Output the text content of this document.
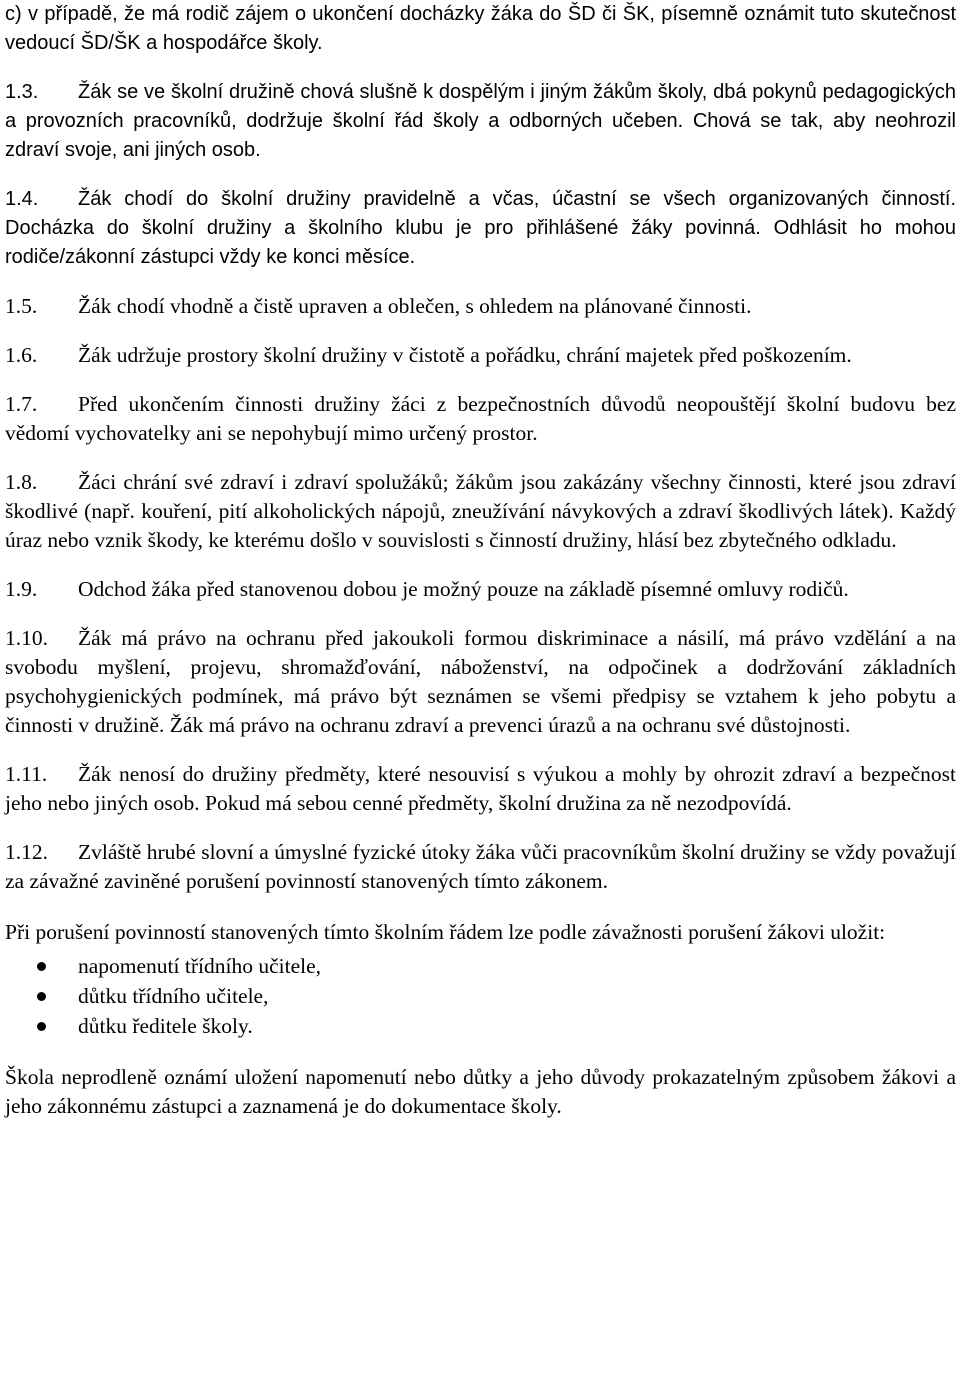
c) v případě, že má rodič zájem o ukončení docházky žáka do ŠD či ŠK, písemně oznámit tuto skutečnost vedoucí ŠD/ŠK a hospodářce školy.

1.3. Žák se ve školní družině chová slušně k dospělým i jiným žákům školy, dbá pokynů pedagogických a provozních pracovníků, dodržuje školní řád školy a odborných učeben. Chová se tak, aby neohrozil zdraví svoje, ani jiných osob.

1.4. Žák chodí do školní družiny pravidelně a včas, účastní se všech organizovaných činností. Docházka do školní družiny a školního klubu je pro přihlášené žáky povinná. Odhlásit ho mohou rodiče/zákonní zástupci vždy ke konci měsíce.

1.5. Žák chodí vhodně a čistě upraven a oblečen, s ohledem na plánované činnosti.

1.6. Žák udržuje prostory školní družiny v čistotě a pořádku, chrání majetek před poškozením.

1.7. Před ukončením činnosti družiny žáci z bezpečnostních důvodů neopouštějí školní budovu bez vědomí vychovatelky ani se nepohybují mimo určený prostor.

1.8. Žáci chrání své zdraví i zdraví spolužáků; žákům jsou zakázány všechny činnosti, které jsou zdraví škodlivé (např. kouření, pití alkoholických nápojů, zneužívání návykových a zdraví škodlivých látek). Každý úraz nebo vznik škody, ke kterému došlo v souvislosti s činností družiny, hlásí bez zbytečného odkladu.

1.9. Odchod žáka před stanovenou dobou je možný pouze na základě písemné omluvy rodičů.

1.10. Žák má právo na ochranu před jakoukoli formou diskriminace a násilí, má právo vzdělání a na svobodu myšlení, projevu, shromažďování, náboženství, na odpočinek a dodržování základních psychohygienických podmínek, má právo být seznámen se všemi předpisy se vztahem k jeho pobytu a činnosti v družině. Žák má právo na ochranu zdraví a prevenci úrazů a na ochranu své důstojnosti.

1.11. Žák nenosí do družiny předměty, které nesouvisí s výukou a mohly by ohrozit zdraví a bezpečnost jeho nebo jiných osob. Pokud má sebou cenné předměty, školní družina za ně nezodpovídá.

1.12. Zvláště hrubé slovní a úmyslné fyzické útoky žáka vůči pracovníkům školní družiny se vždy považují za závažné zaviněné porušení povinností stanovených tímto zákonem.

Při porušení povinností stanovených tímto školním řádem lze podle závažnosti porušení žákovi uložit:

napomenutí třídního učitele,
důtku třídního učitele,
důtku ředitele školy.

Škola neprodleně oznámí uložení napomenutí nebo důtky a jeho důvody prokazatelným způsobem žákovi a jeho zákonnému zástupci a zaznamená je do dokumentace školy.
